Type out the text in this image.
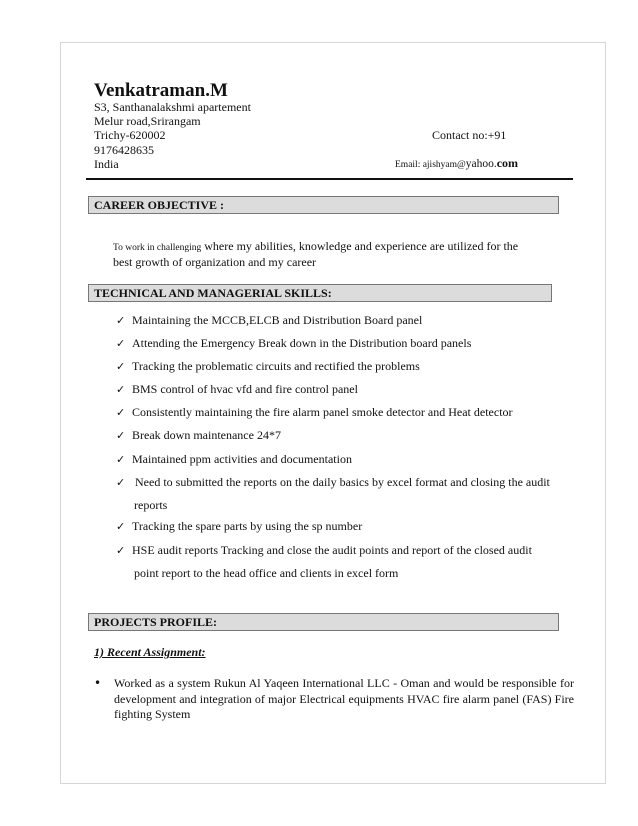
Venkatraman.M
S3, Santhanalakshmi apartement
Melur road,Srirangam
Trichy-620002
9176428635
India
Contact no:+91
Email: ajishyam@yahoo.com
CAREER OBJECTIVE :
To work in challenging where my abilities, knowledge and experience are utilized for the
best growth of organization and my career
TECHNICAL AND MANAGERIAL SKILLS:
✓ Maintaining the MCCB,ELCB and Distribution Board panel
✓ Attending the Emergency Break down in the Distribution board panels
✓ Tracking the problematic circuits and rectified the problems
✓ BMS control of hvac vfd and fire control panel
✓ Consistently maintaining the fire alarm panel smoke detector and Heat detector
✓ Break down maintenance 24*7
✓ Maintained ppm activities and documentation
✓ Need to submitted the reports on the daily basics by excel format and closing the audit
✓ Tracking the spare parts by using the sp number
✓ HSE audit reports Tracking and close the audit points and report of the closed audit
reports
point report to the head office and clients in excel form
PROJECTS PROFILE:
1) Recent Assignment:
• Worked as a system Rukun Al Yaqeen International LLC - Oman and would be responsible for development and integration of major Electrical equipments HVAC fire alarm panel (FAS) Fire fighting System
